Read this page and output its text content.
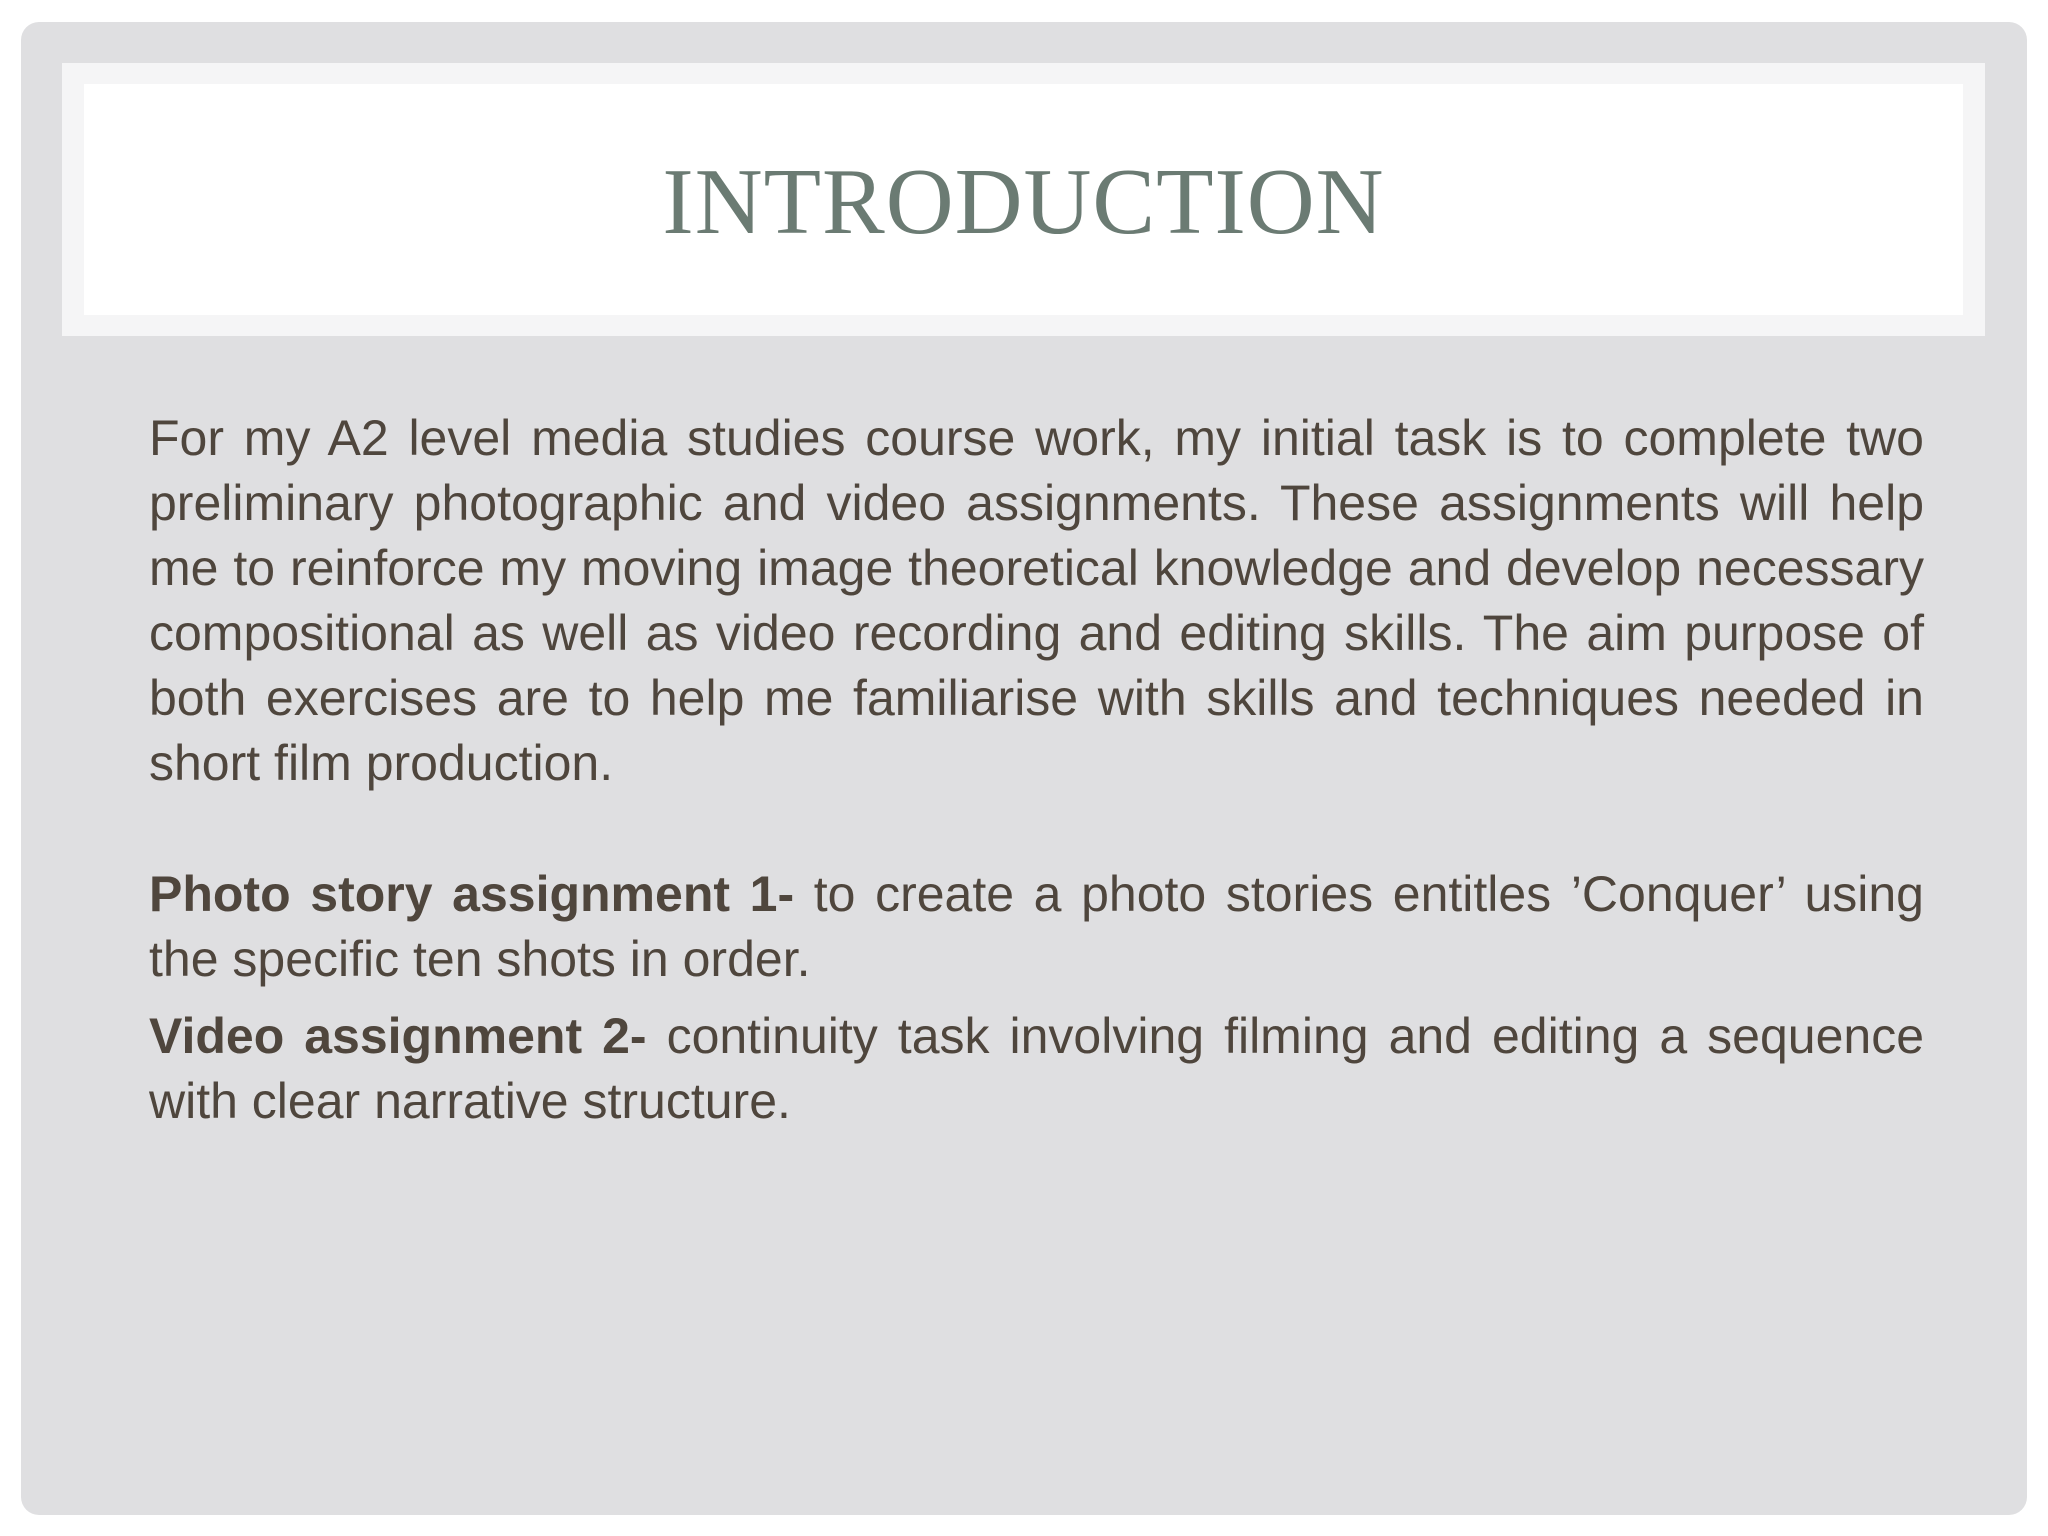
INTRODUCTION

For my A2 level media studies course work, my initial task is to complete two preliminary photographic and video assignments. These assignments will help me to reinforce my moving image theoretical knowledge and develop necessary compositional as well as video recording and editing skills. The aim purpose of both exercises are to help me familiarise with skills and techniques needed in short film production.

Photo story assignment 1- to create a photo stories entitles ’Conquer’ using the specific ten shots in order.

Video assignment 2- continuity task involving filming and editing a sequence with clear narrative structure.
